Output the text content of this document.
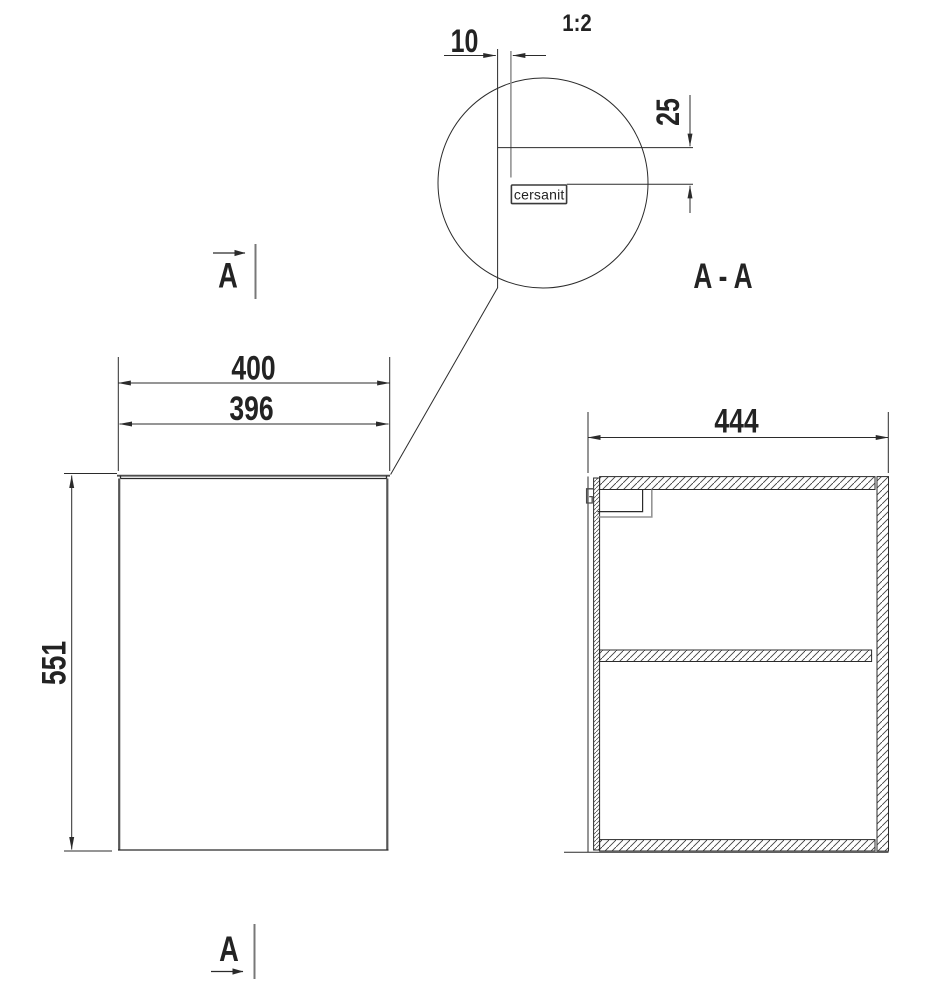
10
25
1:2
cersanit
A
A
400
396
551
A - A
444
